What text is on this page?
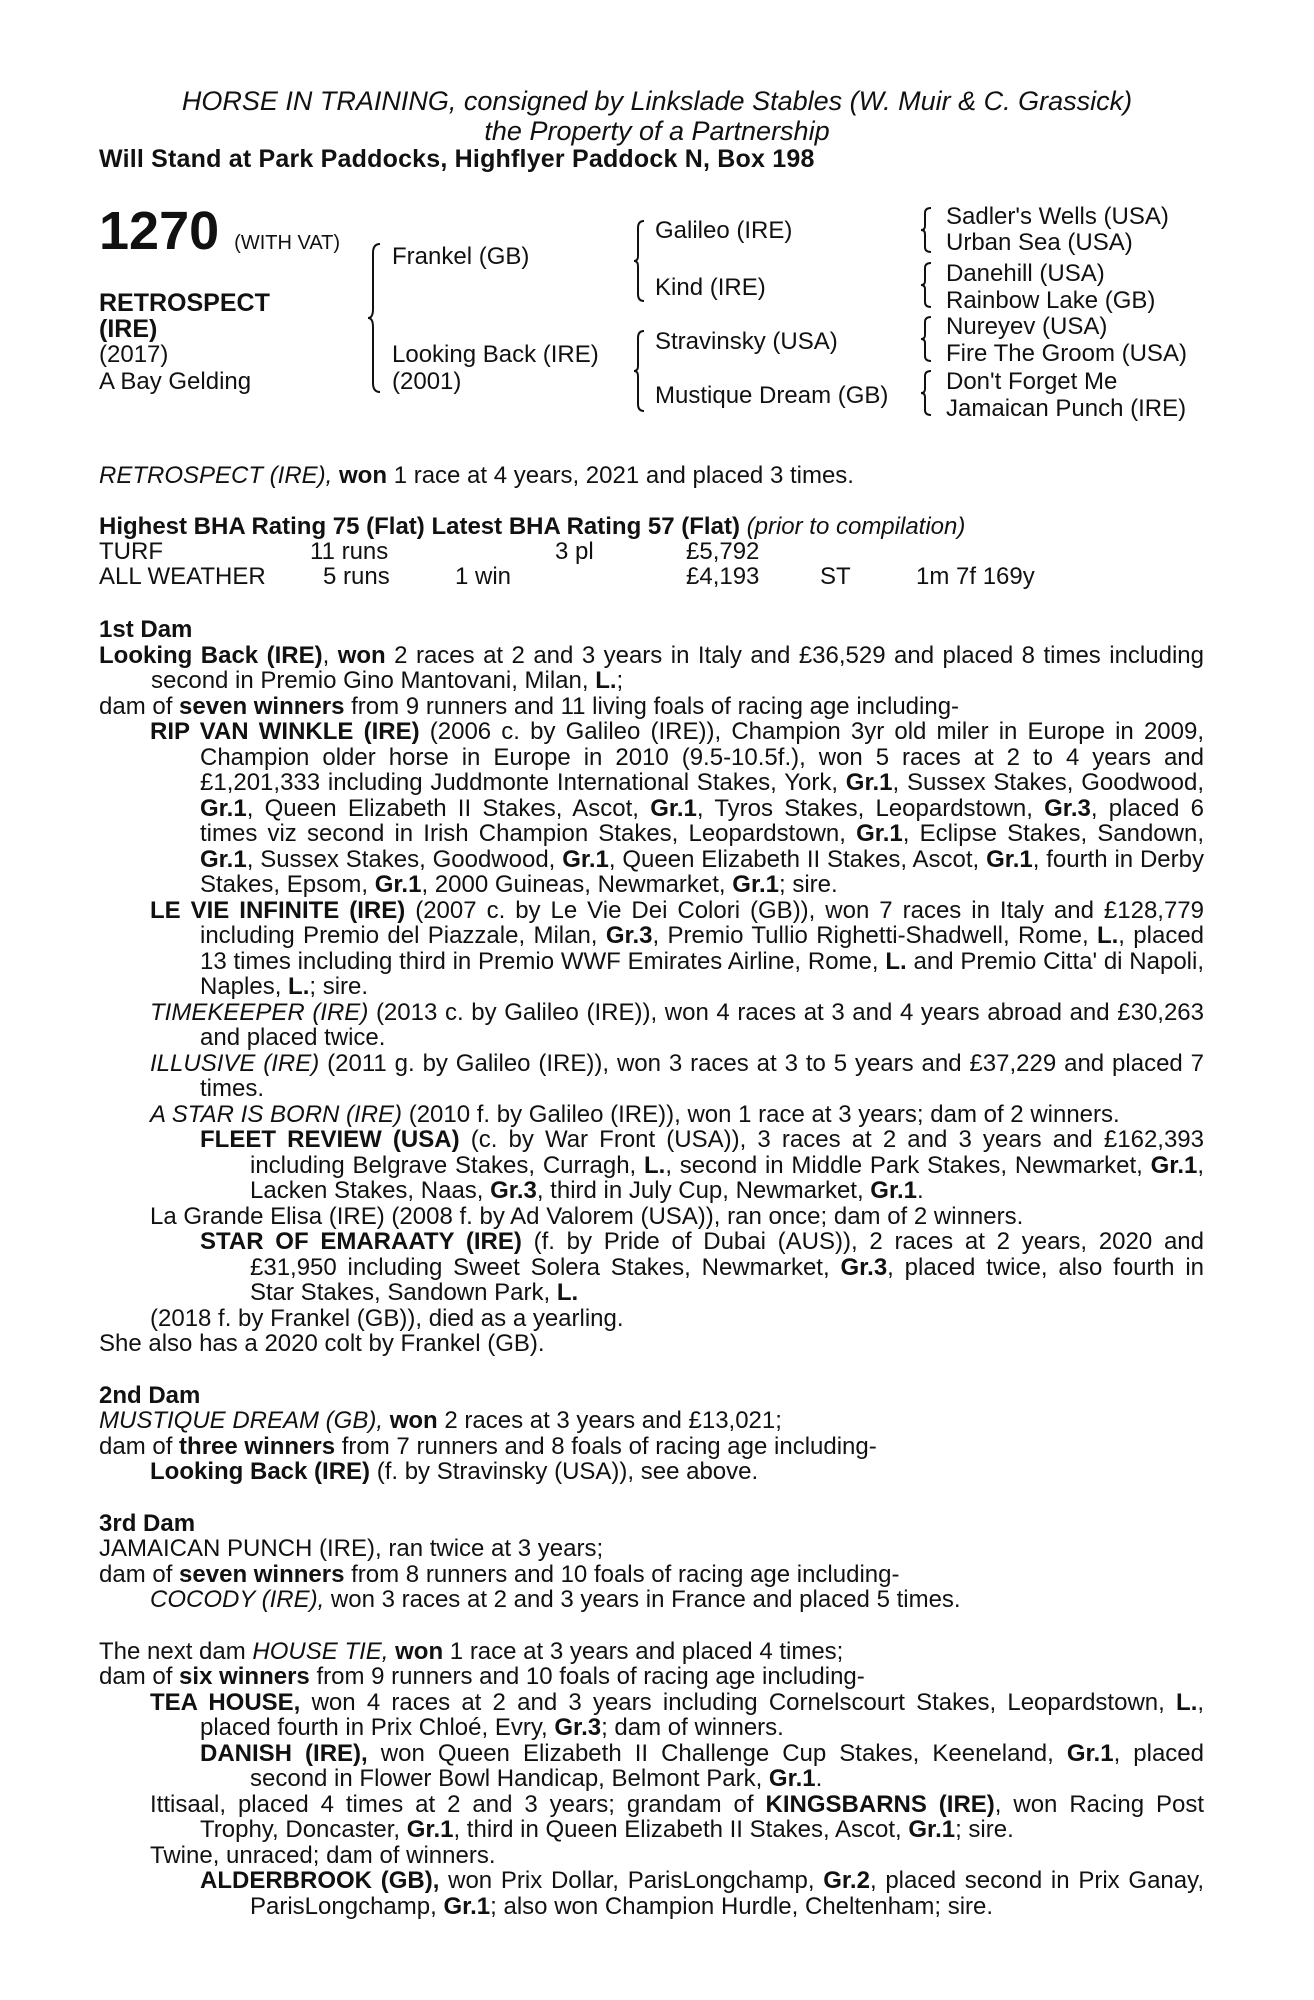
HORSE IN TRAINING, consigned by Linkslade Stables (W. Muir & C. Grassick)
the Property of a Partnership
Will Stand at Park Paddocks, Highflyer Paddock N, Box 198
1270 (WITH VAT)
RETROSPECT
(IRE)
(2017)
A Bay Gelding
Frankel (GB)
Looking Back (IRE)
(2001)
Galileo (IRE)
Kind (IRE)
Stravinsky (USA)
Mustique Dream (GB)
Sadler's Wells (USA)
Urban Sea (USA)
Danehill (USA)
Rainbow Lake (GB)
Nureyev (USA)
Fire The Groom (USA)
Don't Forget Me
Jamaican Punch (IRE)
RETROSPECT (IRE), won 1 race at 4 years, 2021 and placed 3 times.
Highest BHA Rating 75 (Flat) Latest BHA Rating 57 (Flat) (prior to compilation)
TURF	11 runs	3 pl	£5,792
ALL WEATHER 5 runs	1 win	£4,193	ST	1m 7f 169y

1st Dam

Looking Back (IRE), won 2 races at 2 and 3 years in Italy and £36,529 and placed 8 times including second in Premio Gino Mantovani, Milan, L.;

dam of seven winners from 9 runners and 11 living foals of racing age including-

RIP VAN WINKLE (IRE) (2006 c. by Galileo (IRE)), Champion 3yr old miler in Europe in 2009, Champion older horse in Europe in 2010 (9.5-10.5f.), won 5 races at 2 to 4 years and £1,201,333 including Juddmonte International Stakes, York, Gr.1, Sussex Stakes, Goodwood, Gr.1, Queen Elizabeth II Stakes, Ascot, Gr.1, Tyros Stakes, Leopardstown, Gr.3, placed 6 times viz second in Irish Champion Stakes, Leopardstown, Gr.1, Eclipse Stakes, Sandown, Gr.1, Sussex Stakes, Goodwood, Gr.1, Queen Elizabeth II Stakes, Ascot, Gr.1, fourth in Derby Stakes, Epsom, Gr.1, 2000 Guineas, Newmarket, Gr.1; sire.

LE VIE INFINITE (IRE) (2007 c. by Le Vie Dei Colori (GB)), won 7 races in Italy and £128,779 including Premio del Piazzale, Milan, Gr.3, Premio Tullio Righetti-Shadwell, Rome, L., placed 13 times including third in Premio WWF Emirates Airline, Rome, L. and Premio Citta' di Napoli, Naples, L.; sire.

TIMEKEEPER (IRE) (2013 c. by Galileo (IRE)), won 4 races at 3 and 4 years abroad and £30,263 and placed twice.

ILLUSIVE (IRE) (2011 g. by Galileo (IRE)), won 3 races at 3 to 5 years and £37,229 and placed 7 times.

A STAR IS BORN (IRE) (2010 f. by Galileo (IRE)), won 1 race at 3 years; dam of 2 winners.

FLEET REVIEW (USA) (c. by War Front (USA)), 3 races at 2 and 3 years and £162,393 including Belgrave Stakes, Curragh, L., second in Middle Park Stakes, Newmarket, Gr.1, Lacken Stakes, Naas, Gr.3, third in July Cup, Newmarket, Gr.1.

La Grande Elisa (IRE) (2008 f. by Ad Valorem (USA)), ran once; dam of 2 winners.

STAR OF EMARAATY (IRE) (f. by Pride of Dubai (AUS)), 2 races at 2 years, 2020 and £31,950 including Sweet Solera Stakes, Newmarket, Gr.3, placed twice, also fourth in Star Stakes, Sandown Park, L.

(2018 f. by Frankel (GB)), died as a yearling.

She also has a 2020 colt by Frankel (GB).

2nd Dam

MUSTIQUE DREAM (GB), won 2 races at 3 years and £13,021;

dam of three winners from 7 runners and 8 foals of racing age including-

Looking Back (IRE) (f. by Stravinsky (USA)), see above.

3rd Dam

JAMAICAN PUNCH (IRE), ran twice at 3 years;

dam of seven winners from 8 runners and 10 foals of racing age including-

COCODY (IRE), won 3 races at 2 and 3 years in France and placed 5 times.

The next dam HOUSE TIE, won 1 race at 3 years and placed 4 times;

dam of six winners from 9 runners and 10 foals of racing age including-

TEA HOUSE, won 4 races at 2 and 3 years including Cornelscourt Stakes, Leopardstown, L., placed fourth in Prix Chloé, Evry, Gr.3; dam of winners.

DANISH (IRE), won Queen Elizabeth II Challenge Cup Stakes, Keeneland, Gr.1, placed second in Flower Bowl Handicap, Belmont Park, Gr.1.

Ittisaal, placed 4 times at 2 and 3 years; grandam of KINGSBARNS (IRE), won Racing Post Trophy, Doncaster, Gr.1, third in Queen Elizabeth II Stakes, Ascot, Gr.1; sire.

Twine, unraced; dam of winners.

ALDERBROOK (GB), won Prix Dollar, ParisLongchamp, Gr.2, placed second in Prix Ganay, ParisLongchamp, Gr.1; also won Champion Hurdle, Cheltenham; sire.
